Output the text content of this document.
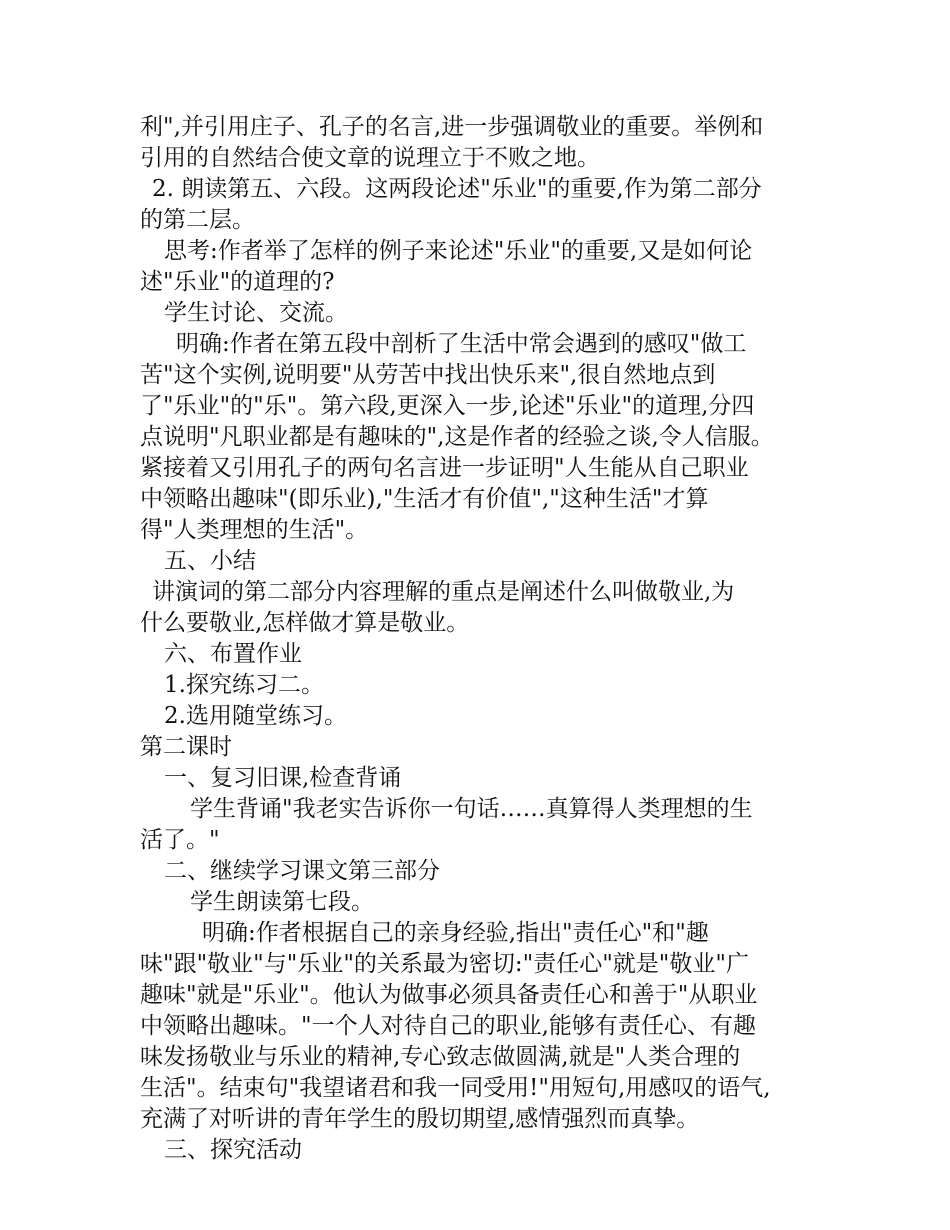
利",并引用庄子、孔子的名言,进一步强调敬业的重要。举例和
引用的自然结合使文章的说理立于不败之地。
2. 朗读第五、六段。这两段论述"乐业"的重要,作为第二部分
的第二层。
思考:作者举了怎样的例子来论述"乐业"的重要,又是如何论
述"乐业"的道理的?
学生讨论、交流。
明确:作者在第五段中剖析了生活中常会遇到的感叹"做工
苦"这个实例,说明要"从劳苦中找出快乐来",很自然地点到
了"乐业"的"乐"。第六段,更深入一步,论述"乐业"的道理,分四
点说明"凡职业都是有趣味的",这是作者的经验之谈,令人信服。
紧接着又引用孔子的两句名言进一步证明"人生能从自己职业
中领略出趣味"(即乐业),"生活才有价值","这种生活"才算
得"人类理想的生活"。
五、小结
讲演词的第二部分内容理解的重点是阐述什么叫做敬业,为
什么要敬业,怎样做才算是敬业。
六、布置作业
1.探究练习二。
2.选用随堂练习。
第二课时
一、复习旧课,检查背诵
学生背诵"我老实告诉你一句话……真算得人类理想的生
活了。"
二、继续学习课文第三部分
学生朗读第七段。
明确:作者根据自己的亲身经验,指出"责任心"和"趣
味"跟"敬业"与"乐业"的关系最为密切:"责任心"就是"敬业"广
趣味"就是"乐业"。他认为做事必须具备责任心和善于"从职业
中领略出趣味。"一个人对待自己的职业,能够有责任心、有趣
味发扬敬业与乐业的精神,专心致志做圆满,就是"人类合理的
生活"。结束句"我望诸君和我一同受用!"用短句,用感叹的语气,
充满了对听讲的青年学生的殷切期望,感情强烈而真挚。
三、探究活动
